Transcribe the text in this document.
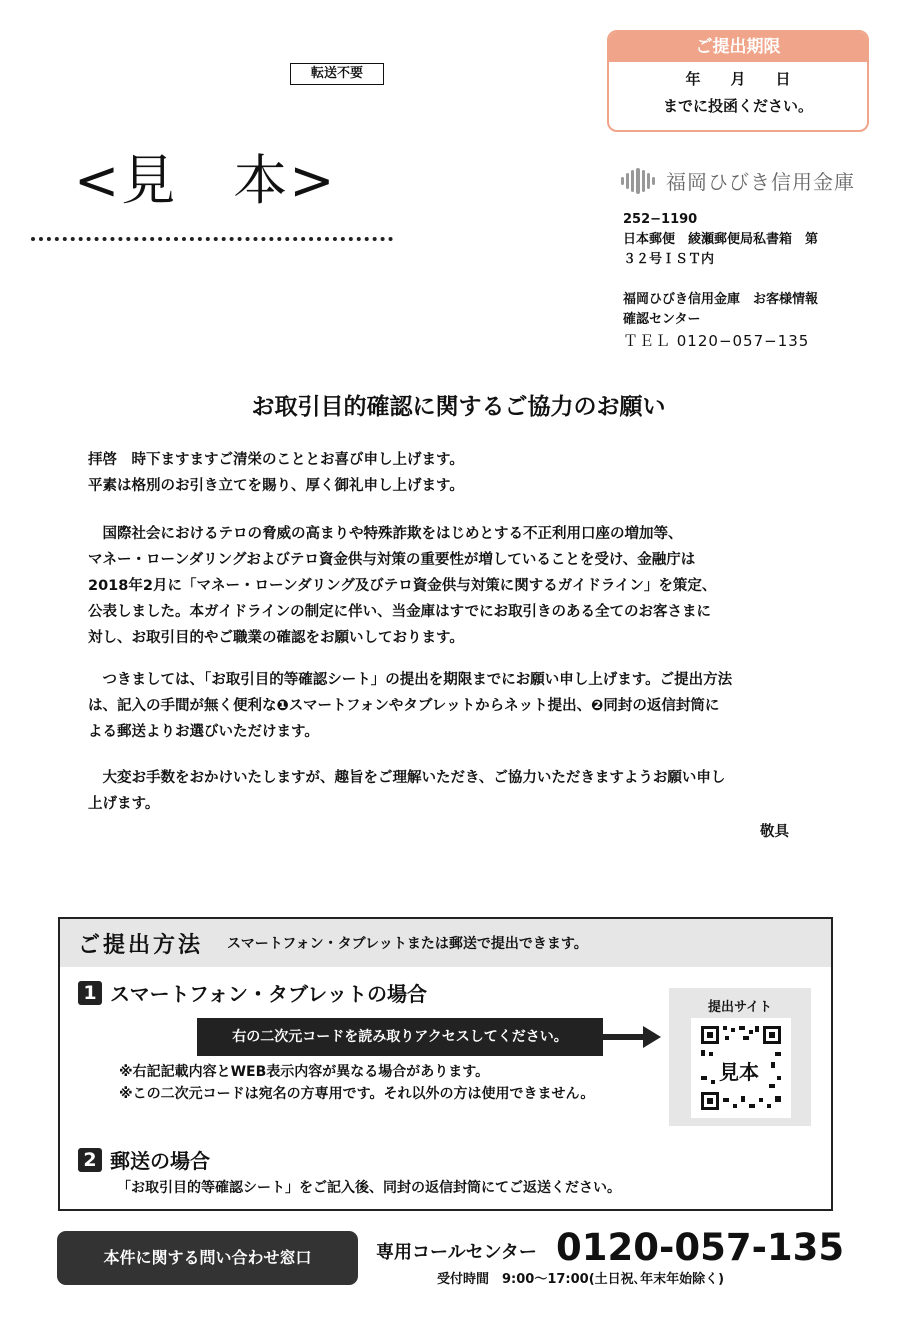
転送不要
<見　本>
ご提出期限
年　　月　　日
までに投函ください。
福岡ひびき信用金庫
252−1190
日本郵便　綾瀬郵便局私書箱　第
３２号ＩＳＴ内
福岡ひびき信用金庫　お客様情報
確認センター
ＴＥＬ 0120−057−135
お取引目的確認に関するご協力のお願い

拝啓　時下ますますご清栄のこととお喜び申し上げます。

平素は格別のお引き立てを賜り、厚く御礼申し上げます。

　国際社会におけるテロの脅威の高まりや特殊詐欺をはじめとする不正利用口座の増加等、

マネー・ローンダリングおよびテロ資金供与対策の重要性が増していることを受け、金融庁は

2018年2月に「マネー・ローンダリング及びテロ資金供与対策に関するガイドライン」を策定、

公表しました。本ガイドラインの制定に伴い、当金庫はすでにお取引きのある全てのお客さまに

対し、お取引目的やご職業の確認をお願いしております。

　つきましては、「お取引目的等確認シート」の提出を期限までにお願い申し上げます。ご提出方法

は、記入の手間が無く便利な❶スマートフォンやタブレットからネット提出、❷同封の返信封筒に

よる郵送よりお選びいただけます。

　大変お手数をおかけいたしますが、趣旨をご理解いただき、ご協力いただきますようお願い申し

上げます。

敬具
ご提出方法 スマートフォン・タブレットまたは郵送で提出できます。
1 スマートフォン・タブレットの場合
右の二次元コードを読み取りアクセスしてください。
※右記記載内容とWEB表示内容が異なる場合があります。
※この二次元コードは宛名の方専用です。それ以外の方は使用できません。
提出サイト
見本
2 郵送の場合
「お取引目的等確認シート」をご記入後、同封の返信封筒にてご返送ください。
本件に関する問い合わせ窓口	専用コールセンター 0120-057-135
受付時間　9:00〜17:00(土日祝､年末年始除く)
